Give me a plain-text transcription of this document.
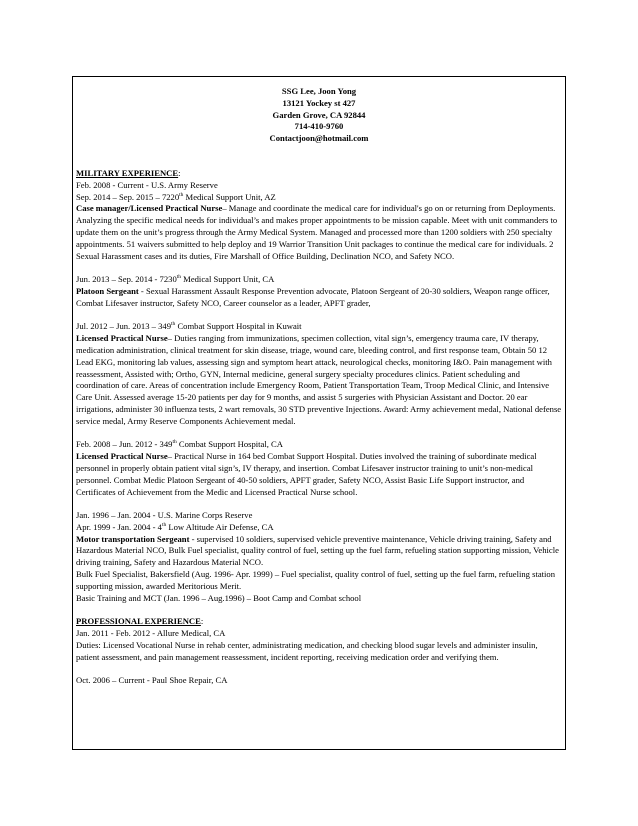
SSG Lee, Joon Yong
13121 Yockey st 427
Garden Grove, CA 92844
714-410-9760
Contactjoon@hotmail.com
MILITARY EXPERIENCE:
Feb. 2008 - Current - U.S. Army Reserve
Sep. 2014 – Sep. 2015 – 7220th Medical Support Unit, AZ
Case manager/Licensed Practical Nurse– Manage and coordinate the medical care for individual's go on or returning from Deployments. Analyzing the specific medical needs for individual’s and makes proper appointments to be mission capable. Meet with unit commanders to update them on the unit’s progress through the Army Medical System. Managed and processed more than 1200 soldiers with 250 specialty appointments. 51 waivers submitted to help deploy and 19 Warrior Transition Unit packages to continue the medical care for individuals. 2 Sexual Harassment cases and its duties, Fire Marshall of Office Building, Declination NCO, and Safety NCO.
Jun. 2013 – Sep. 2014 - 7230th Medical Support Unit, CA
Platoon Sergeant - Sexual Harassment Assault Response Prevention advocate, Platoon Sergeant of 20-30 soldiers, Weapon range officer, Combat Lifesaver instructor, Safety NCO, Career counselor as a leader, APFT grader,
Jul. 2012 – Jun. 2013 – 349th Combat Support Hospital in Kuwait
Licensed Practical Nurse– Duties ranging from immunizations, specimen collection, vital sign’s, emergency trauma care, IV therapy, medication administration, clinical treatment for skin disease, triage, wound care, bleeding control, and first response team, Obtain 50 12 Lead EKG, monitoring lab values, assessing sign and symptom heart attack, neurological checks, monitoring I&O. Pain management with reassessment, Assisted with; Ortho, GYN, Internal medicine, general surgery specialty procedures clinics. Patient scheduling and coordination of care. Areas of concentration include Emergency Room, Patient Transportation Team, Troop Medical Clinic, and Intensive Care Unit. Assessed average 15-20 patients per day for 9 months, and assist 5 surgeries with Physician Assistant and Doctor. 20 ear irrigations, administer 30 influenza tests, 2 wart removals, 30 STD preventive Injections. Award: Army achievement medal, National defense service medal, Army Reserve Components Achievement medal.
Feb. 2008 – Jun. 2012 - 349th Combat Support Hospital, CA
Licensed Practical Nurse– Practical Nurse in 164 bed Combat Support Hospital. Duties involved the training of subordinate medical personnel in properly obtain patient vital sign’s, IV therapy, and insertion. Combat Lifesaver instructor training to unit’s non-medical personnel. Combat Medic Platoon Sergeant of 40-50 soldiers, APFT grader, Safety NCO, Assist Basic Life Support instructor, and Certificates of Achievement from the Medic and Licensed Practical Nurse school.
Jan. 1996 – Jan. 2004 - U.S. Marine Corps Reserve
Apr. 1999 - Jan. 2004 - 4th Low Altitude Air Defense, CA
Motor transportation Sergeant - supervised 10 soldiers, supervised vehicle preventive maintenance, Vehicle driving training, Safety and Hazardous Material NCO, Bulk Fuel specialist, quality control of fuel, setting up the fuel farm, refueling station supporting mission, Vehicle driving training, Safety and Hazardous Material NCO.
Bulk Fuel Specialist, Bakersfield (Aug. 1996- Apr. 1999) – Fuel specialist, quality control of fuel, setting up the fuel farm, refueling station supporting mission, awarded Meritorious Merit.
Basic Training and MCT (Jan. 1996 – Aug.1996) – Boot Camp and Combat school
PROFESSIONAL EXPERIENCE:
Jan. 2011 - Feb. 2012 - Allure Medical, CA
Duties: Licensed Vocational Nurse in rehab center, administrating medication, and checking blood sugar levels and administer insulin, patient assessment, and pain management reassessment, incident reporting, receiving medication order and verifying them.
Oct. 2006 – Current - Paul Shoe Repair, CA
